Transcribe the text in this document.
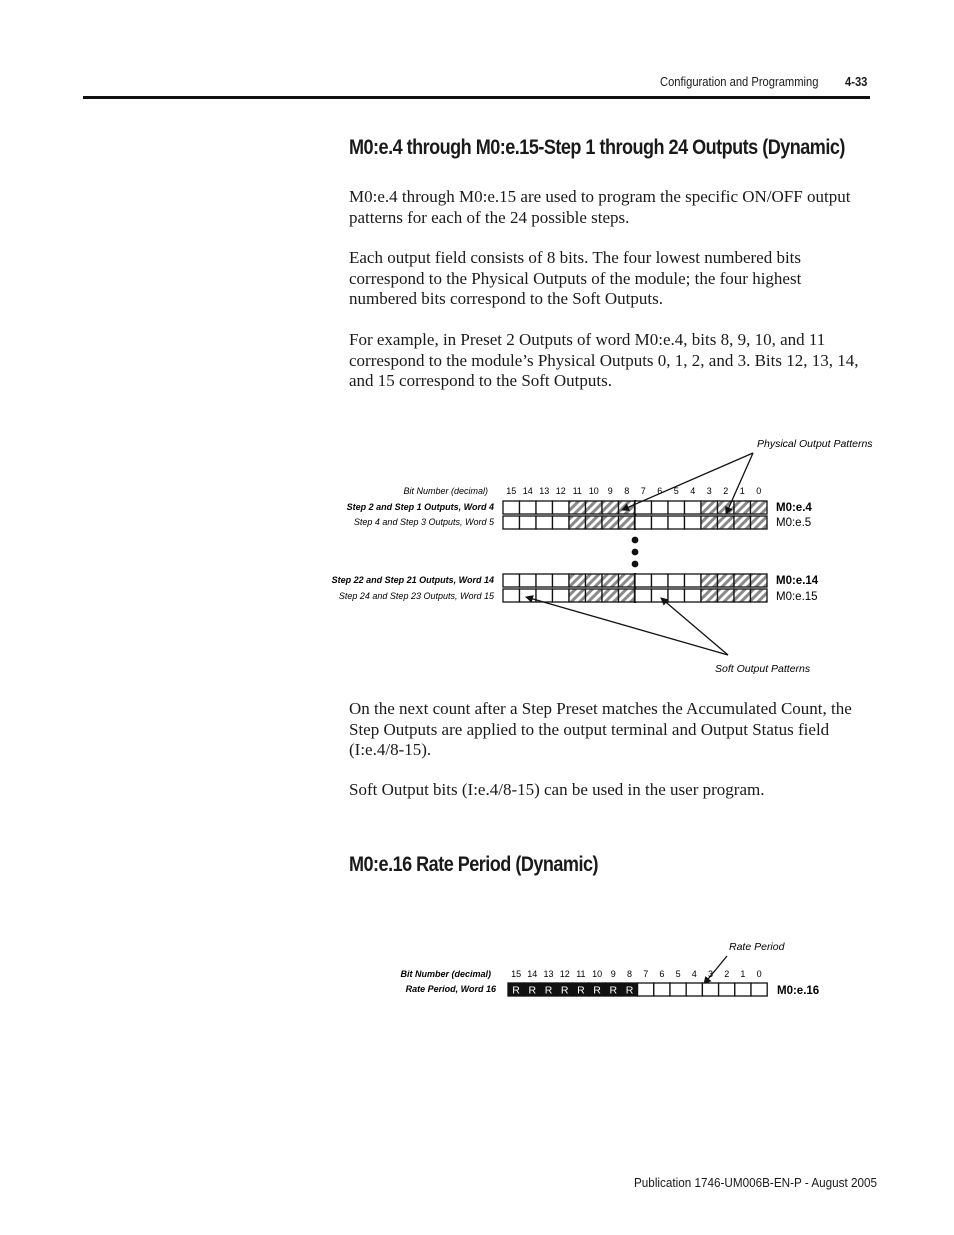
Configuration and Programming 4-33
M0:e.4 through M0:e.15-Step 1 through 24 Outputs (Dynamic)

M0:e.4 through M0:e.15 are used to program the specific ON/OFF output patterns for each of the 24 possible steps.

Each output field consists of 8 bits. The four lowest numbered bits correspond to the Physical Outputs of the module; the four highest numbered bits correspond to the Soft Outputs.

For example, in Preset 2 Outputs of word M0:e.4, bits 8, 9, 10, and 11 correspond to the module’s Physical Outputs 0, 1, 2, and 3. Bits 12, 13, 14, and 15 correspond to the Soft Outputs.

Physical Output Patterns
Bit Number (decimal) 15 14 13 12 11 10 9 8 7 6 5 4 3 2 1 0
Step 2 and Step 1 Outputs, Word 4
Step 4 and Step 3 Outputs, Word 5
Step 22 and Step 21 Outputs, Word 14
Step 24 and Step 23 Outputs, Word 15
M0:e.4
M0:e.5
M0:e.14
M0:e.15
Soft Output Patterns

On the next count after a Step Preset matches the Accumulated Count, the Step Outputs are applied to the output terminal and Output Status field (I:e.4/8-15).

Soft Output bits (I:e.4/8-15) can be used in the user program.

M0:e.16 Rate Period (Dynamic)
Rate Period
Bit Number (decimal) 15 14 13 12 11 10 9 8 7 6 5 4 3 2 1 0
Rate Period, Word 16 R R R R R R R R	M0:e.16
Publication 1746-UM006B-EN-P - August 2005
